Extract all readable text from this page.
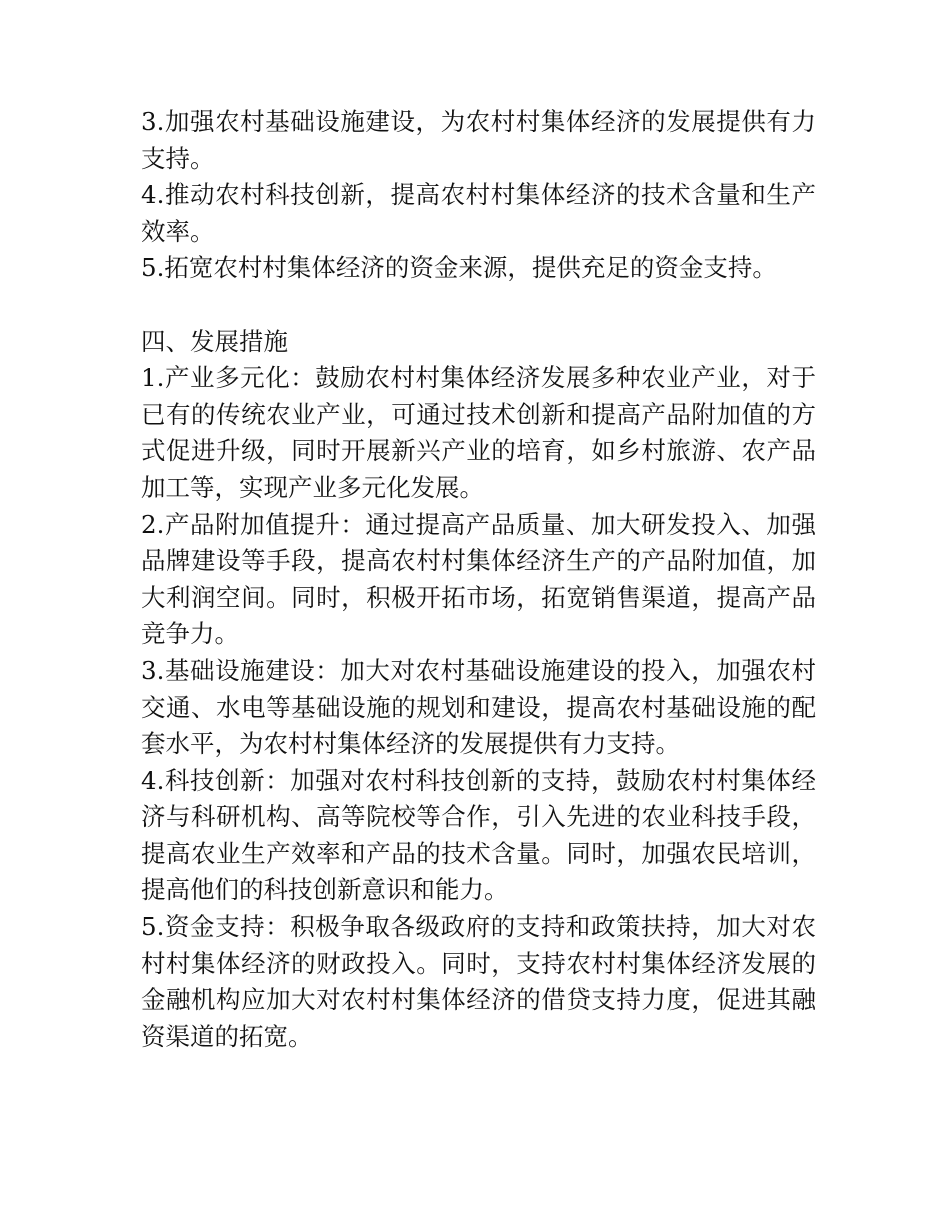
3.加强农村基础设施建设，为农村村集体经济的发展提供有力支持。

4.推动农村科技创新，提高农村村集体经济的技术含量和生产效率。

5.拓宽农村村集体经济的资金来源，提供充足的资金支持。

四、发展措施

1.产业多元化：鼓励农村村集体经济发展多种农业产业，对于已有的传统农业产业，可通过技术创新和提高产品附加值的方式促进升级，同时开展新兴产业的培育，如乡村旅游、农产品加工等，实现产业多元化发展。

2.产品附加值提升：通过提高产品质量、加大研发投入、加强品牌建设等手段，提高农村村集体经济生产的产品附加值，加大利润空间。同时，积极开拓市场，拓宽销售渠道，提高产品竞争力。

3.基础设施建设：加大对农村基础设施建设的投入，加强农村交通、水电等基础设施的规划和建设，提高农村基础设施的配套水平，为农村村集体经济的发展提供有力支持。

4.科技创新：加强对农村科技创新的支持，鼓励农村村集体经济与科研机构、高等院校等合作，引入先进的农业科技手段，提高农业生产效率和产品的技术含量。同时，加强农民培训，提高他们的科技创新意识和能力。

5.资金支持：积极争取各级政府的支持和政策扶持，加大对农村村集体经济的财政投入。同时，支持农村村集体经济发展的金融机构应加大对农村村集体经济的借贷支持力度，促进其融资渠道的拓宽。
